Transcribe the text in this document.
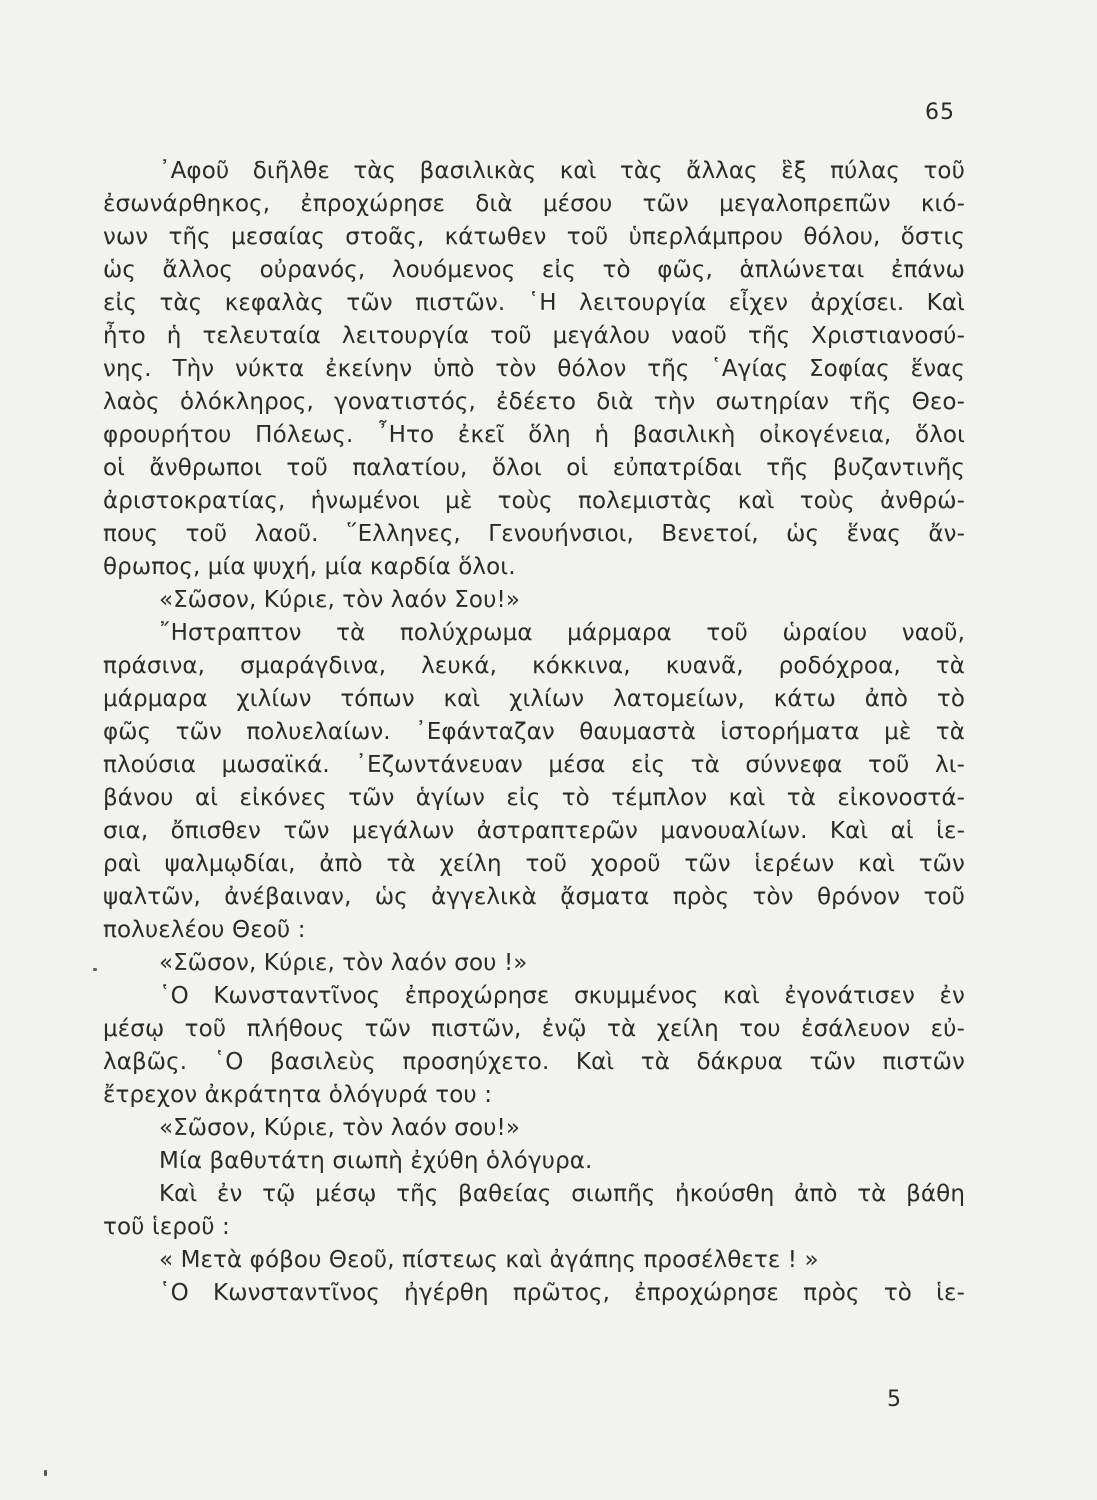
65
᾿Αφοῦ διῆλθε τὰς βασιλικὰς καὶ τὰς ἄλλας ἓξ πύλας τοῦ
ἐσωνάρθηκος, ἐπροχώρησε διὰ μέσου τῶν μεγαλοπρεπῶν κιό-
νων τῆς μεσαίας στοᾶς, κάτωθεν τοῦ ὑπερλάμπρου θόλου, ὅστις
ὡς ἄλλος οὐρανός, λουόμενος εἰς τὸ φῶς, ἁπλώνεται ἐπάνω
εἰς τὰς κεφαλὰς τῶν πιστῶν. ῾Η λειτουργία εἶχεν ἀρχίσει. Καὶ
ἦτο ἡ τελευταία λειτουργία τοῦ μεγάλου ναοῦ τῆς Χριστιανοσύ-
νης. Τὴν νύκτα ἐκείνην ὑπὸ τὸν θόλον τῆς ῾Αγίας Σοφίας ἕνας
λαὸς ὁλόκληρος, γονατιστός, ἐδέετο διὰ τὴν σωτηρίαν τῆς Θεο-
φρουρήτου Πόλεως. ῏Ητο ἐκεῖ ὅλη ἡ βασιλικὴ οἰκογένεια, ὅλοι
οἱ ἄνθρωποι τοῦ παλατίου, ὅλοι οἱ εὐπατρίδαι τῆς βυζαντινῆς
ἀριστοκρατίας, ἡνωμένοι μὲ τοὺς πολεμιστὰς καὶ τοὺς ἀνθρώ-
πους τοῦ λαοῦ. ῞Ελληνες, Γενουήνσιοι, Βενετοί, ὡς ἕνας ἄν-
θρωπος, μία ψυχή, μία καρδία ὅλοι.
«Σῶσον, Κύριε, τὸν λαόν Σου!»
῎Ηστραπτον τὰ πολύχρωμα μάρμαρα τοῦ ὡραίου ναοῦ,
πράσινα, σμαράγδινα, λευκά, κόκκινα, κυανᾶ, ροδόχροα, τὰ
μάρμαρα χιλίων τόπων καὶ χιλίων λατομείων, κάτω ἀπὸ τὸ
φῶς τῶν πολυελαίων. ᾿Εφάνταζαν θαυμαστὰ ἱστορήματα μὲ τὰ
πλούσια μωσαϊκά. ᾿Εζωντάνευαν μέσα εἰς τὰ σύννεφα τοῦ λι-
βάνου αἱ εἰκόνες τῶν ἁγίων εἰς τὸ τέμπλον καὶ τὰ εἰκονοστά-
σια, ὄπισθεν τῶν μεγάλων ἀστραπτερῶν μανουαλίων. Καὶ αἱ ἱε-
ραὶ ψαλμῳδίαι, ἀπὸ τὰ χείλη τοῦ χοροῦ τῶν ἱερέων καὶ τῶν
ψαλτῶν, ἀνέβαιναν, ὡς ἀγγελικὰ ᾄσματα πρὸς τὸν θρόνον τοῦ
πολυελέου Θεοῦ :
«Σῶσον, Κύριε, τὸν λαόν σου !»
῾Ο Κωνσταντῖνος ἐπροχώρησε σκυμμένος καὶ ἐγονάτισεν ἐν
μέσῳ τοῦ πλήθους τῶν πιστῶν, ἐνῷ τὰ χείλη του ἐσάλευον εὐ-
λαβῶς. ῾Ο βασιλεὺς προσηύχετο. Καὶ τὰ δάκρυα τῶν πιστῶν
ἔτρεχον ἀκράτητα ὁλόγυρά του :
«Σῶσον, Κύριε, τὸν λαόν σου!»
Μία βαθυτάτη σιωπὴ ἐχύθη ὁλόγυρα.
Καὶ ἐν τῷ μέσῳ τῆς βαθείας σιωπῆς ἠκούσθη ἀπὸ τὰ βάθη
τοῦ ἱεροῦ :
« Μετὰ φόβου Θεοῦ, πίστεως καὶ ἀγάπης προσέλθετε ! »
῾Ο Κωνσταντῖνος ἠγέρθη πρῶτος, ἐπροχώρησε πρὸς τὸ ἱε-
5
